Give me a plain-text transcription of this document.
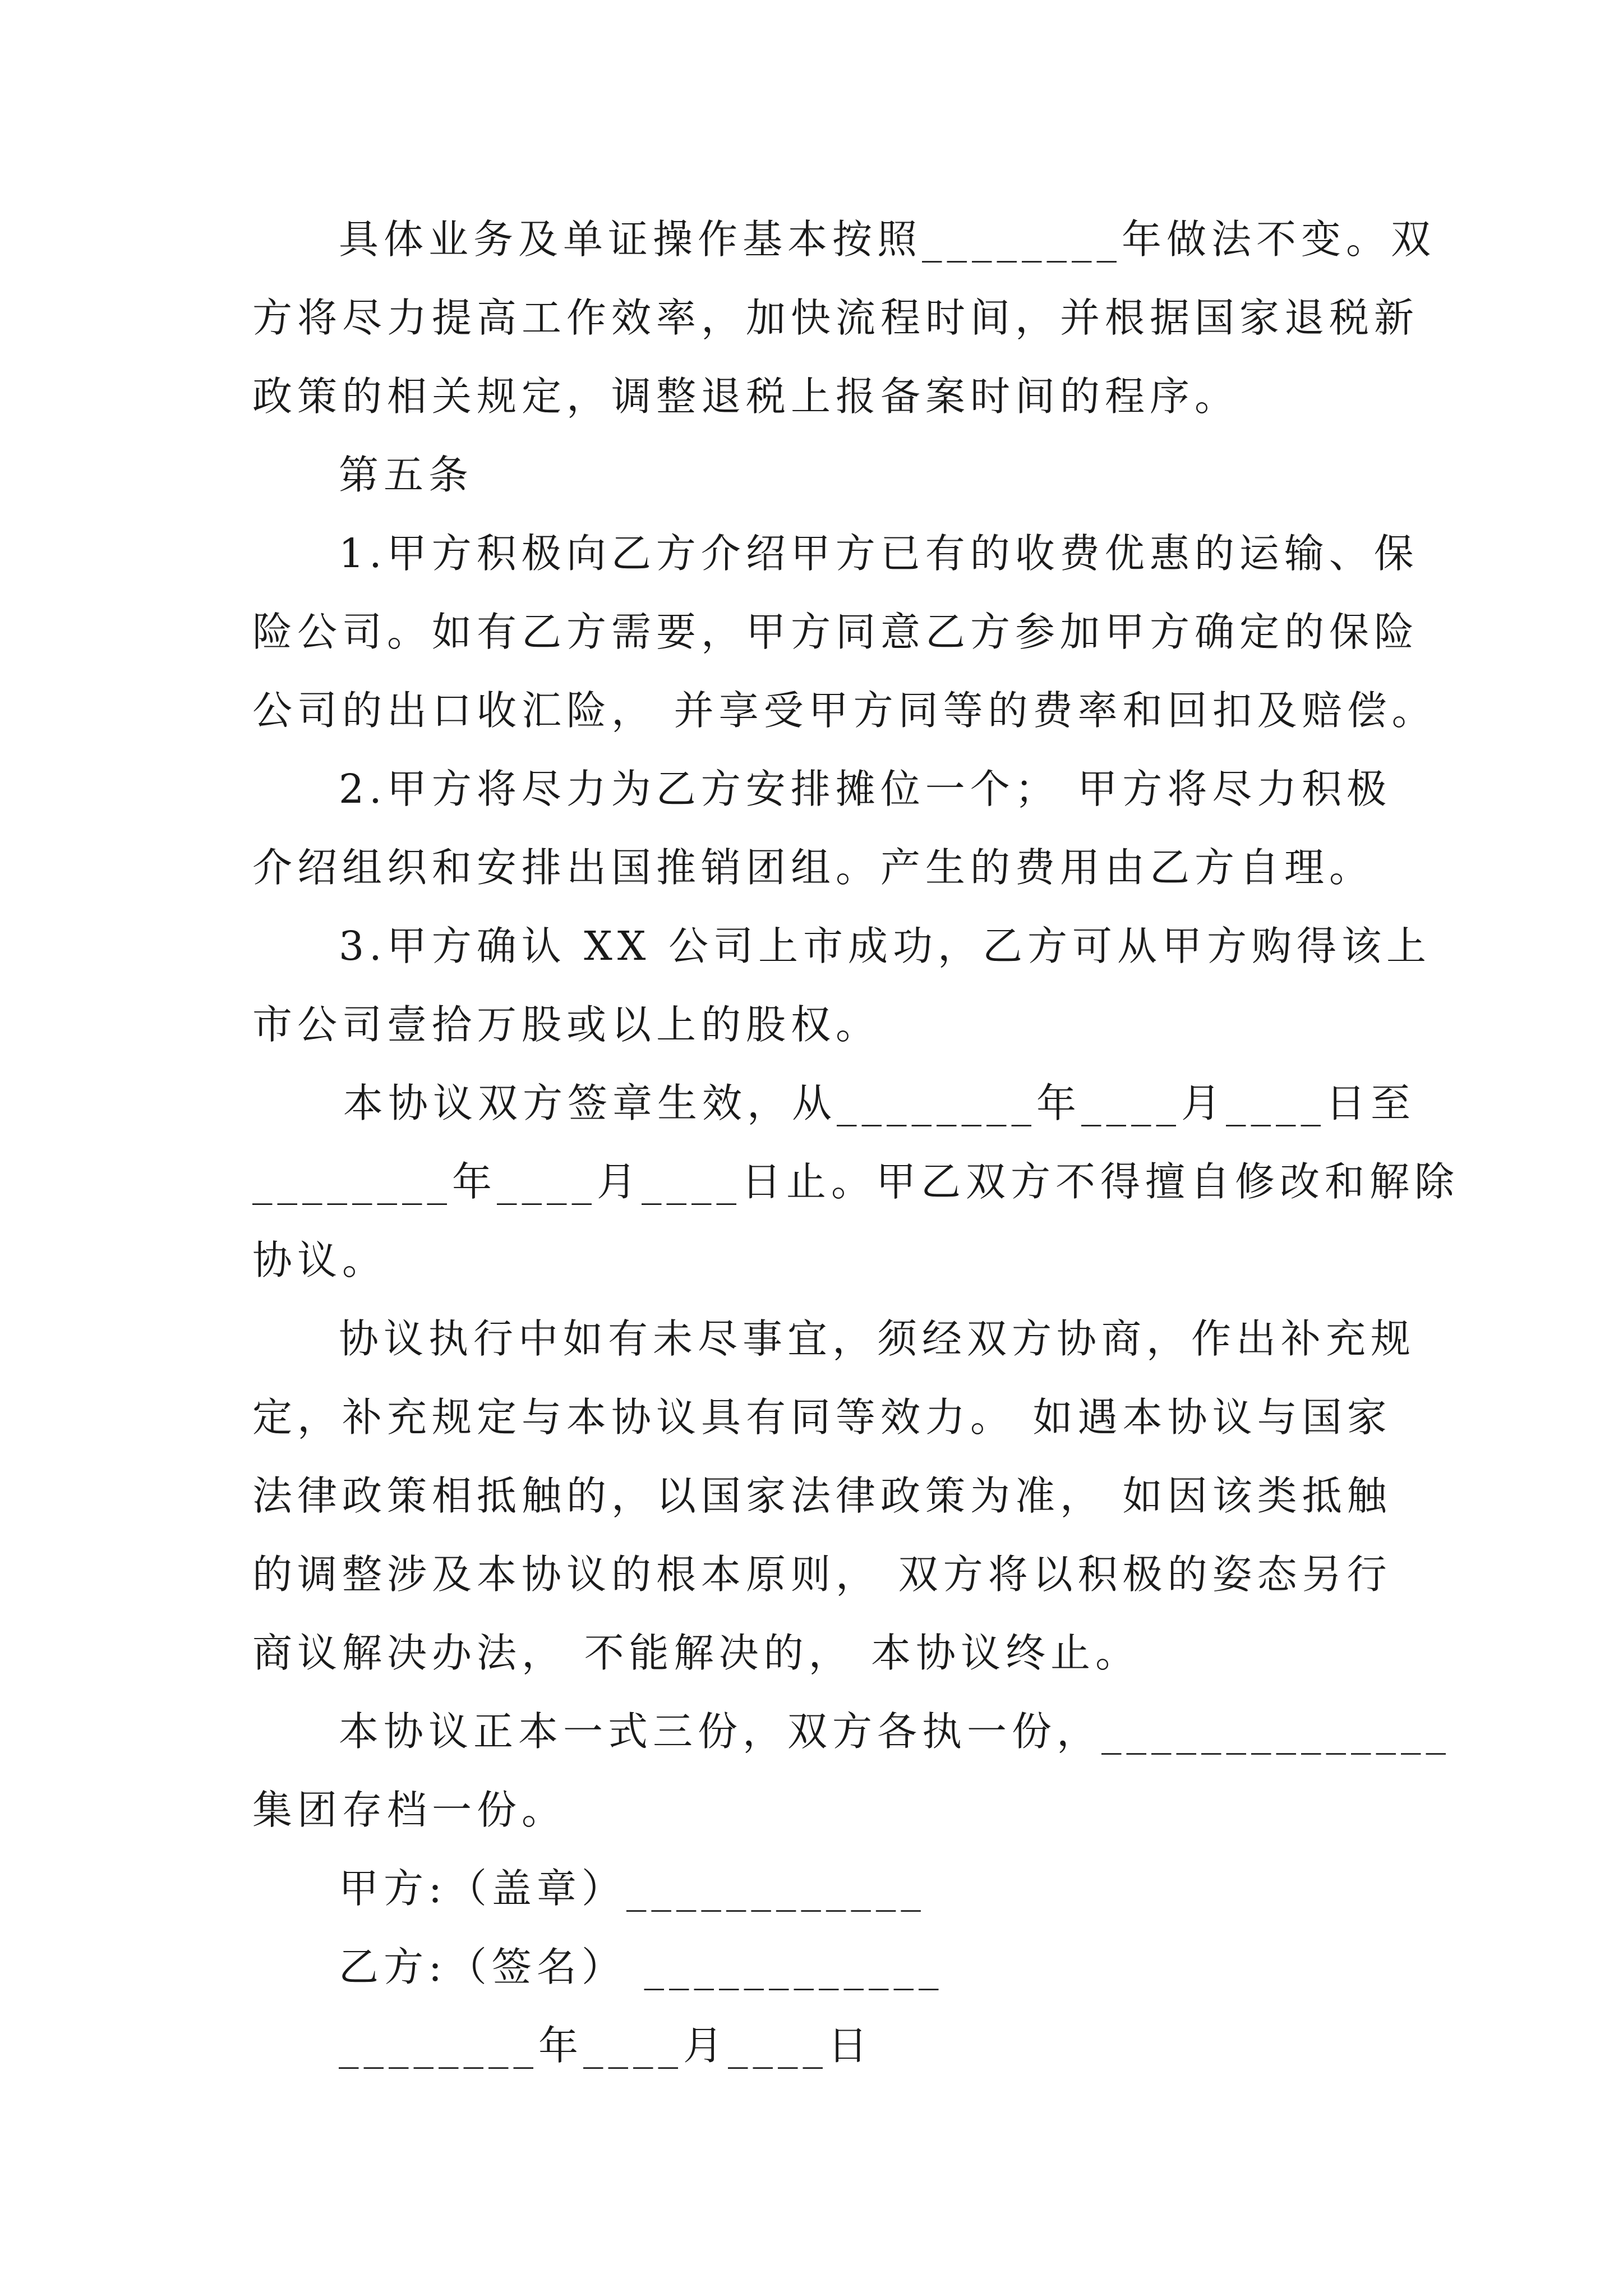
具体业务及单证操作基本按照________年做法不变。双
方将尽力提高工作效率，加快流程时间，并根据国家退税新
政策的相关规定，调整退税上报备案时间的程序。
第五条
1.甲方积极向乙方介绍甲方已有的收费优惠的运输、保
险公司。如有乙方需要，甲方同意乙方参加甲方确定的保险
公司的出口收汇险， 并享受甲方同等的费率和回扣及赔偿。
2.甲方将尽力为乙方安排摊位一个； 甲方将尽力积极
介绍组织和安排出国推销团组。产生的费用由乙方自理。
3.甲方确认 XX 公司上市成功，乙方可从甲方购得该上
市公司壹拾万股或以上的股权。
本协议双方签章生效，从________年____月____日至
________年____月____日止。甲乙双方不得擅自修改和解除
协议。
协议执行中如有未尽事宜，须经双方协商，作出补充规
定，补充规定与本协议具有同等效力。 如遇本协议与国家
法律政策相抵触的，以国家法律政策为准， 如因该类抵触
的调整涉及本协议的根本原则， 双方将以积极的姿态另行
商议解决办法， 不能解决的， 本协议终止。
本协议正本一式三份，双方各执一份，______________
集团存档一份。
甲方:（盖章）____________
乙方:（签名） ____________
________年____月____日
